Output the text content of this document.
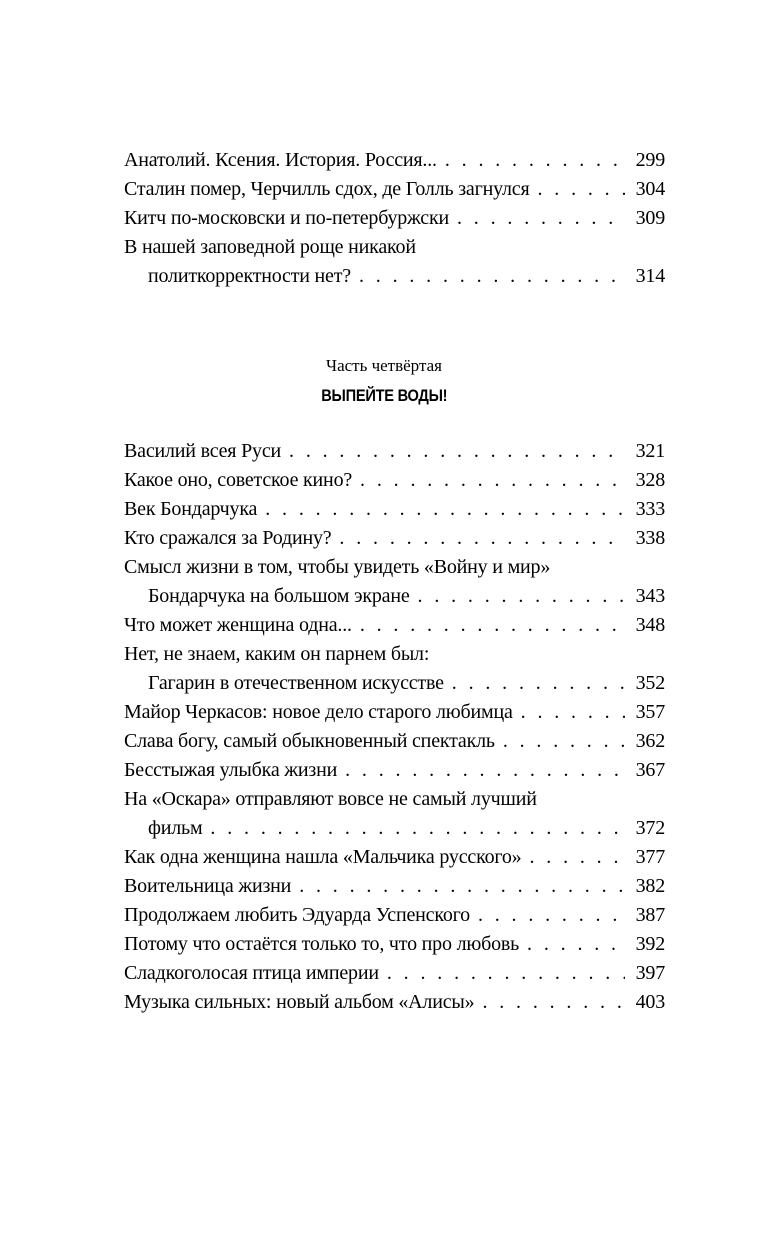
Анатолий. Ксения. История. Россия... . . .	299
Сталин помер, Черчилль сдох, де Голль загнулся . . .	304
Китч по-московски и по-петербуржски . . .	309
В нашей заповедной роще никакой
политкорректности нет? . . .	314
Часть четвёртая
ВЫПЕЙТЕ ВОДЫ!
Василий всея Руси . . .	321
Какое оно, советское кино? . . .	328
Век Бондарчука . . .	333
Кто сражался за Родину? . . .	338
Смысл жизни в том, чтобы увидеть «Войну и мир»
Бондарчука на большом экране . . .	343
Что может женщина одна... . . .	348
Нет, не знаем, каким он парнем был:
Гагарин в отечественном искусстве . . .	352
Майор Черкасов: новое дело старого любимца . . .	357
Слава богу, самый обыкновенный спектакль . . .	362
Бесстыжая улыбка жизни . . .	367
На «Оскара» отправляют вовсе не самый лучший
фильм . . .	372
Как одна женщина нашла «Мальчика русского» . . .	377
Воительница жизни . . .	382
Продолжаем любить Эдуарда Успенского . . .	387
Потому что остаётся только то, что про любовь . . .	392
Сладкоголосая птица империи . . .	397
Музыка сильных: новый альбом «Алисы» . . .	403
